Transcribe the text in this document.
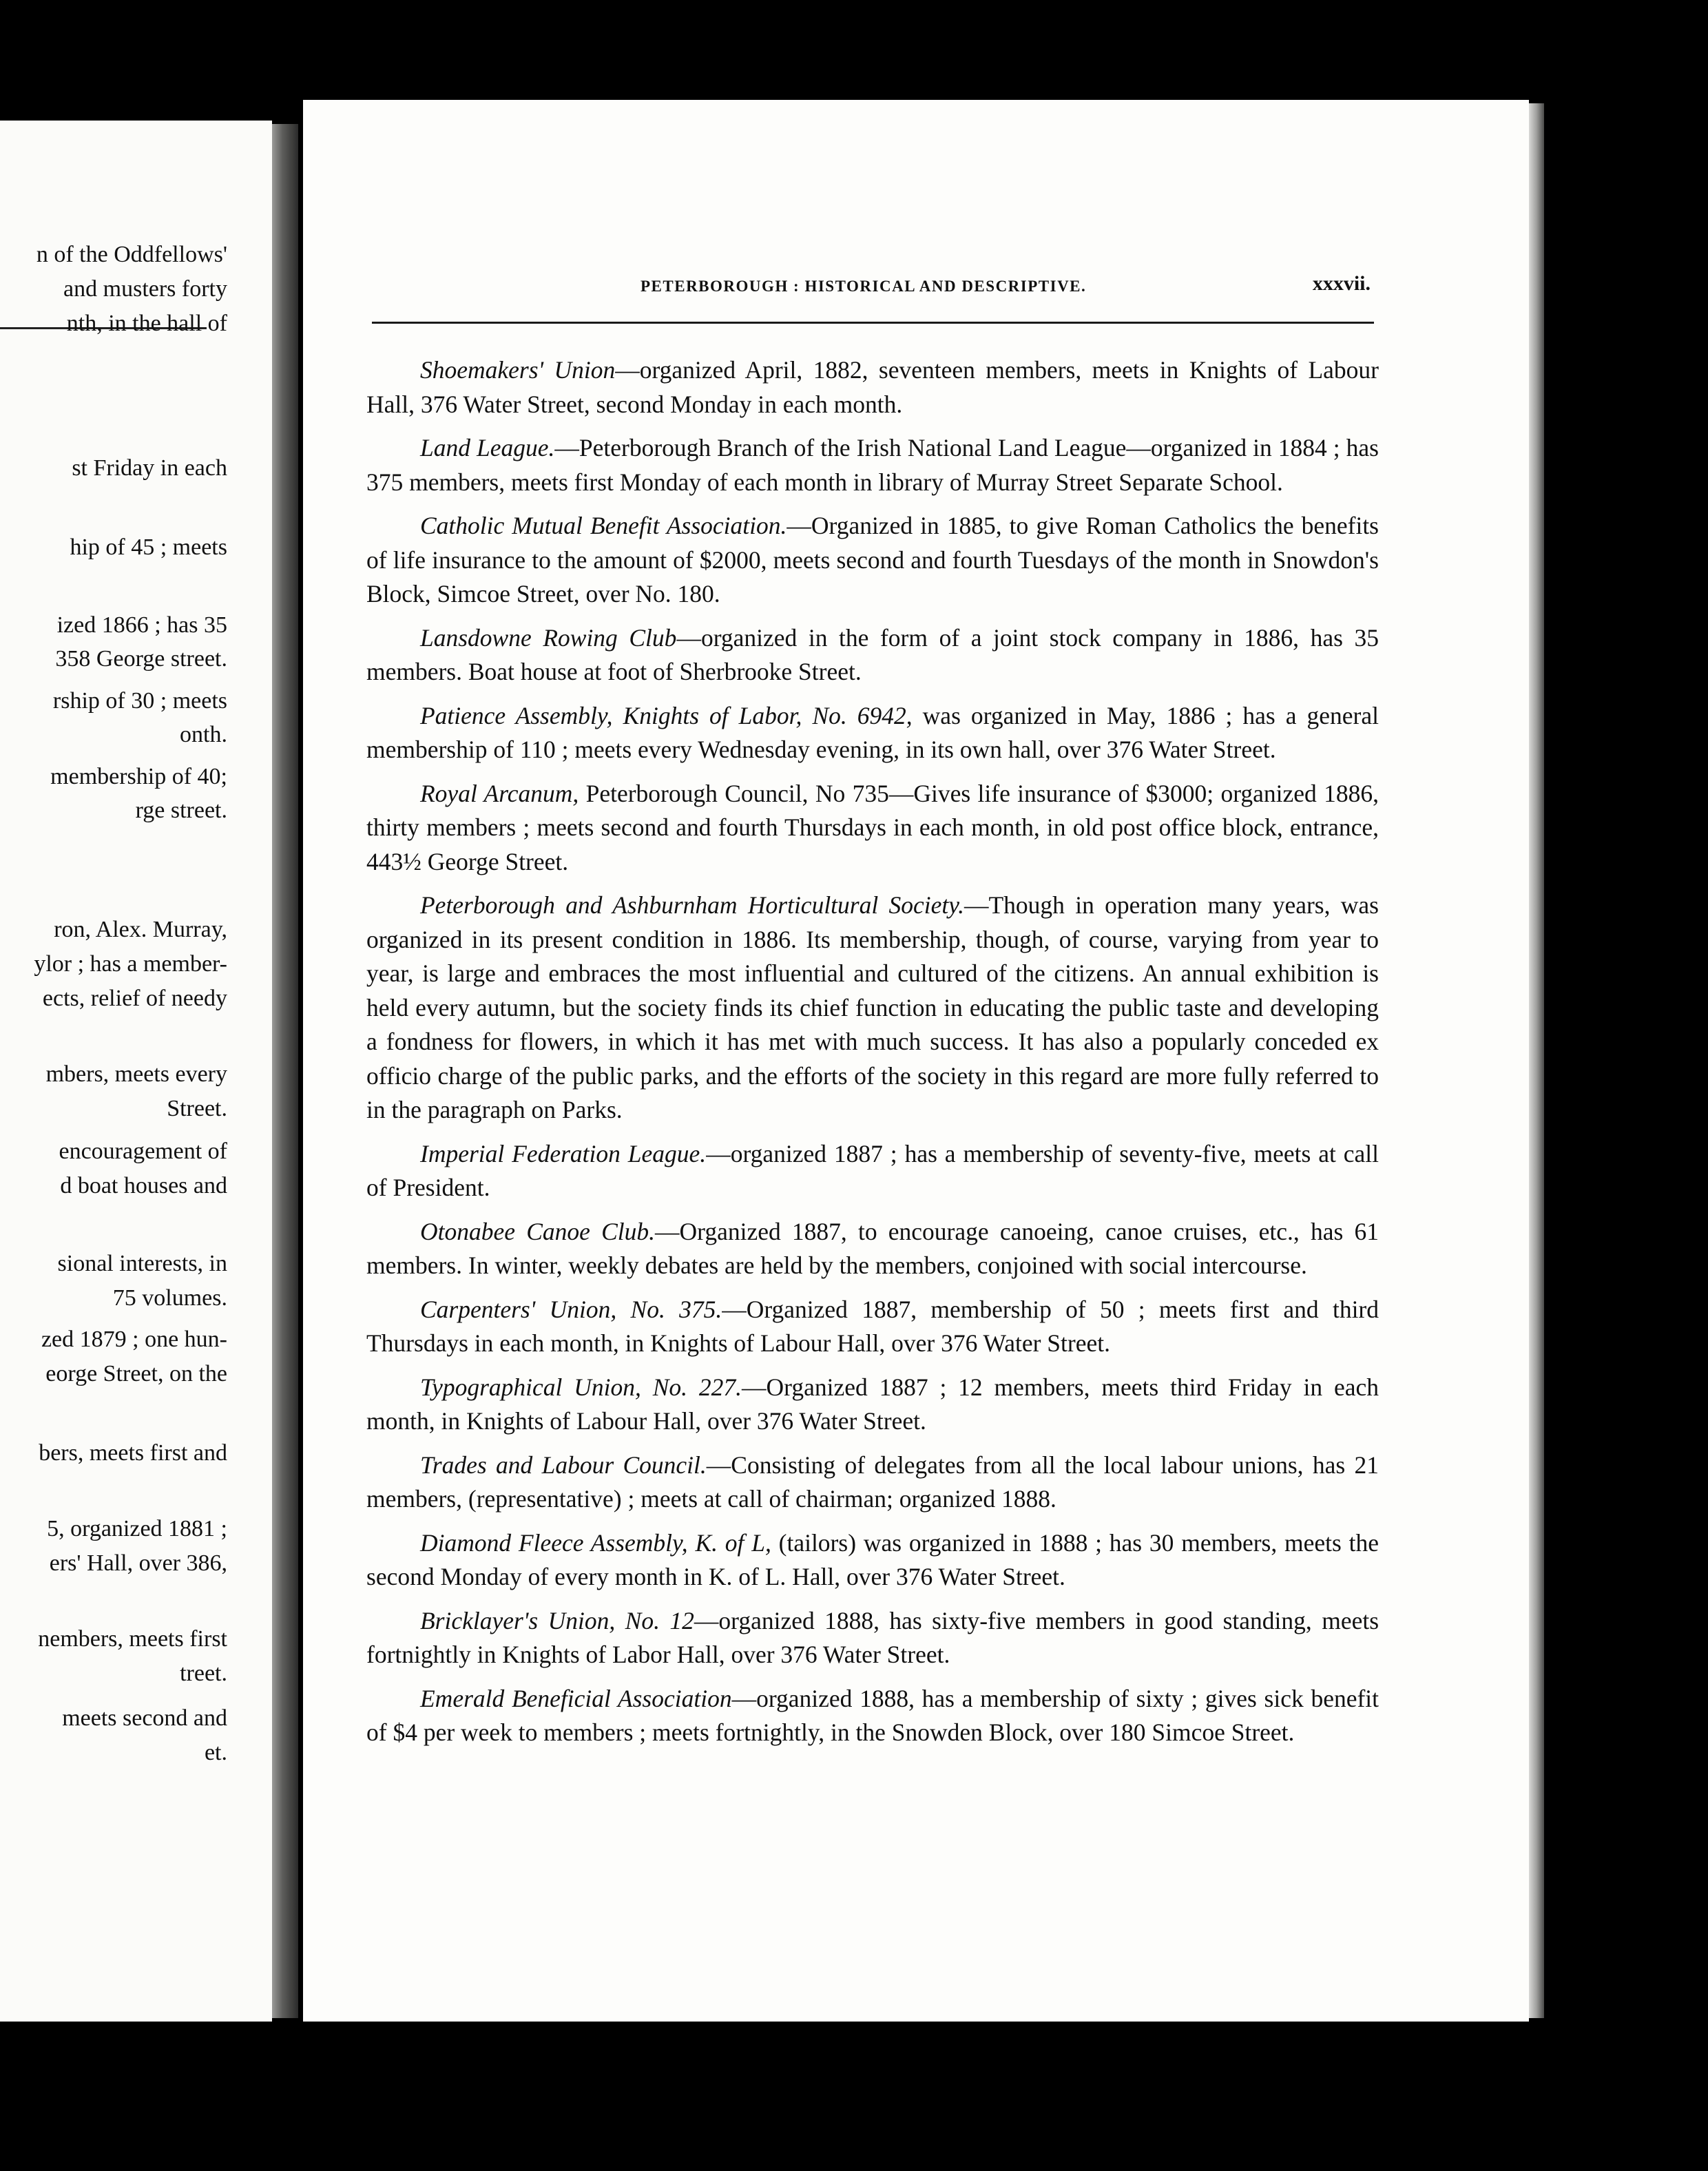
n of the Oddfellows'
and musters forty
nth, in the hall of
st Friday in each
hip of 45 ; meets
ized 1866 ; has 35
358 George street.
rship of 30 ; meets
onth.
membership of 40;
rge street.
ron, Alex. Murray,
ylor ; has a member-
ects, relief of needy
mbers, meets every
Street.
encouragement of
d boat houses and
sional interests, in
75 volumes.
zed 1879 ; one hun-
eorge Street, on the
bers, meets first and
5, organized 1881 ;
ers' Hall, over 386,
nembers, meets first
treet.
meets second and
et.
PETERBOROUGH : HISTORICAL AND DESCRIPTIVE.	xxxvii.

Shoemakers' Union—organized April, 1882, seventeen members, meets in Knights of Labour Hall, 376 Water Street, second Monday in each month.

Land League.—Peterborough Branch of the Irish National Land League—organized in 1884 ; has 375 members, meets first Monday of each month in library of Murray Street Separate School.

Catholic Mutual Benefit Association.—Organized in 1885, to give Roman Catholics the benefits of life insurance to the amount of $2000, meets second and fourth Tuesdays of the month in Snowdon's Block, Simcoe Street, over No. 180.

Lansdowne Rowing Club—organized in the form of a joint stock company in 1886, has 35 members. Boat house at foot of Sherbrooke Street.

Patience Assembly, Knights of Labor, No. 6942, was organized in May, 1886 ; has a general membership of 110 ; meets every Wednesday evening, in its own hall, over 376 Water Street.

Royal Arcanum, Peterborough Council, No 735—Gives life insurance of $3000; organized 1886, thirty members ; meets second and fourth Thursdays in each month, in old post office block, entrance, 443½ George Street.

Peterborough and Ashburnham Horticultural Society.—Though in operation many years, was organized in its present condition in 1886. Its membership, though, of course, varying from year to year, is large and embraces the most influential and cultured of the citizens. An annual exhibition is held every autumn, but the society finds its chief function in educating the public taste and developing a fondness for flowers, in which it has met with much success. It has also a popularly conceded ex officio charge of the public parks, and the efforts of the society in this regard are more fully referred to in the paragraph on Parks.

Imperial Federation League.—organized 1887 ; has a membership of seventy-five, meets at call of President.

Otonabee Canoe Club.—Organized 1887, to encourage canoeing, canoe cruises, etc., has 61 members. In winter, weekly debates are held by the members, conjoined with social intercourse.

Carpenters' Union, No. 375.—Organized 1887, membership of 50 ; meets first and third Thursdays in each month, in Knights of Labour Hall, over 376 Water Street.

Typographical Union, No. 227.—Organized 1887 ; 12 members, meets third Friday in each month, in Knights of Labour Hall, over 376 Water Street.

Trades and Labour Council.—Consisting of delegates from all the local labour unions, has 21 members, (representative) ; meets at call of chairman; organized 1888.

Diamond Fleece Assembly, K. of L, (tailors) was organized in 1888 ; has 30 members, meets the second Monday of every month in K. of L. Hall, over 376 Water Street.

Bricklayer's Union, No. 12—organized 1888, has sixty-five members in good standing, meets fortnightly in Knights of Labor Hall, over 376 Water Street.

Emerald Beneficial Association—organized 1888, has a membership of sixty ; gives sick benefit of $4 per week to members ; meets fortnightly, in the Snowden Block, over 180 Simcoe Street.
